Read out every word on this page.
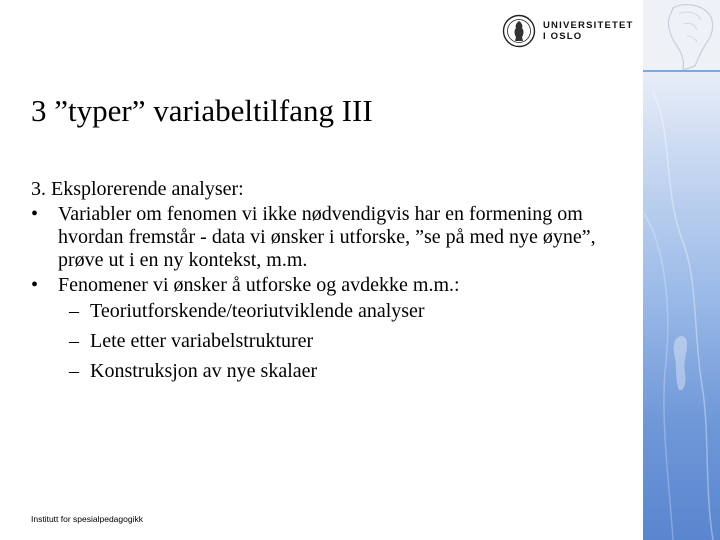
UNIVERSITETET
I OSLO
3 ”typer” variabeltilfang III
3. Eksplorerende analyser:
• Variabler om fenomen vi ikke nødvendigvis har en formening om hvordan fremstår - data vi ønsker i utforske, ”se på med nye øyne”, prøve ut i en ny kontekst, m.m.
• Fenomener vi ønsker å utforske og avdekke m.m.:
– Teoriutforskende/teoriutviklende analyser
– Lete etter variabelstrukturer
– Konstruksjon av nye skalaer
Institutt for spesialpedagogikk
